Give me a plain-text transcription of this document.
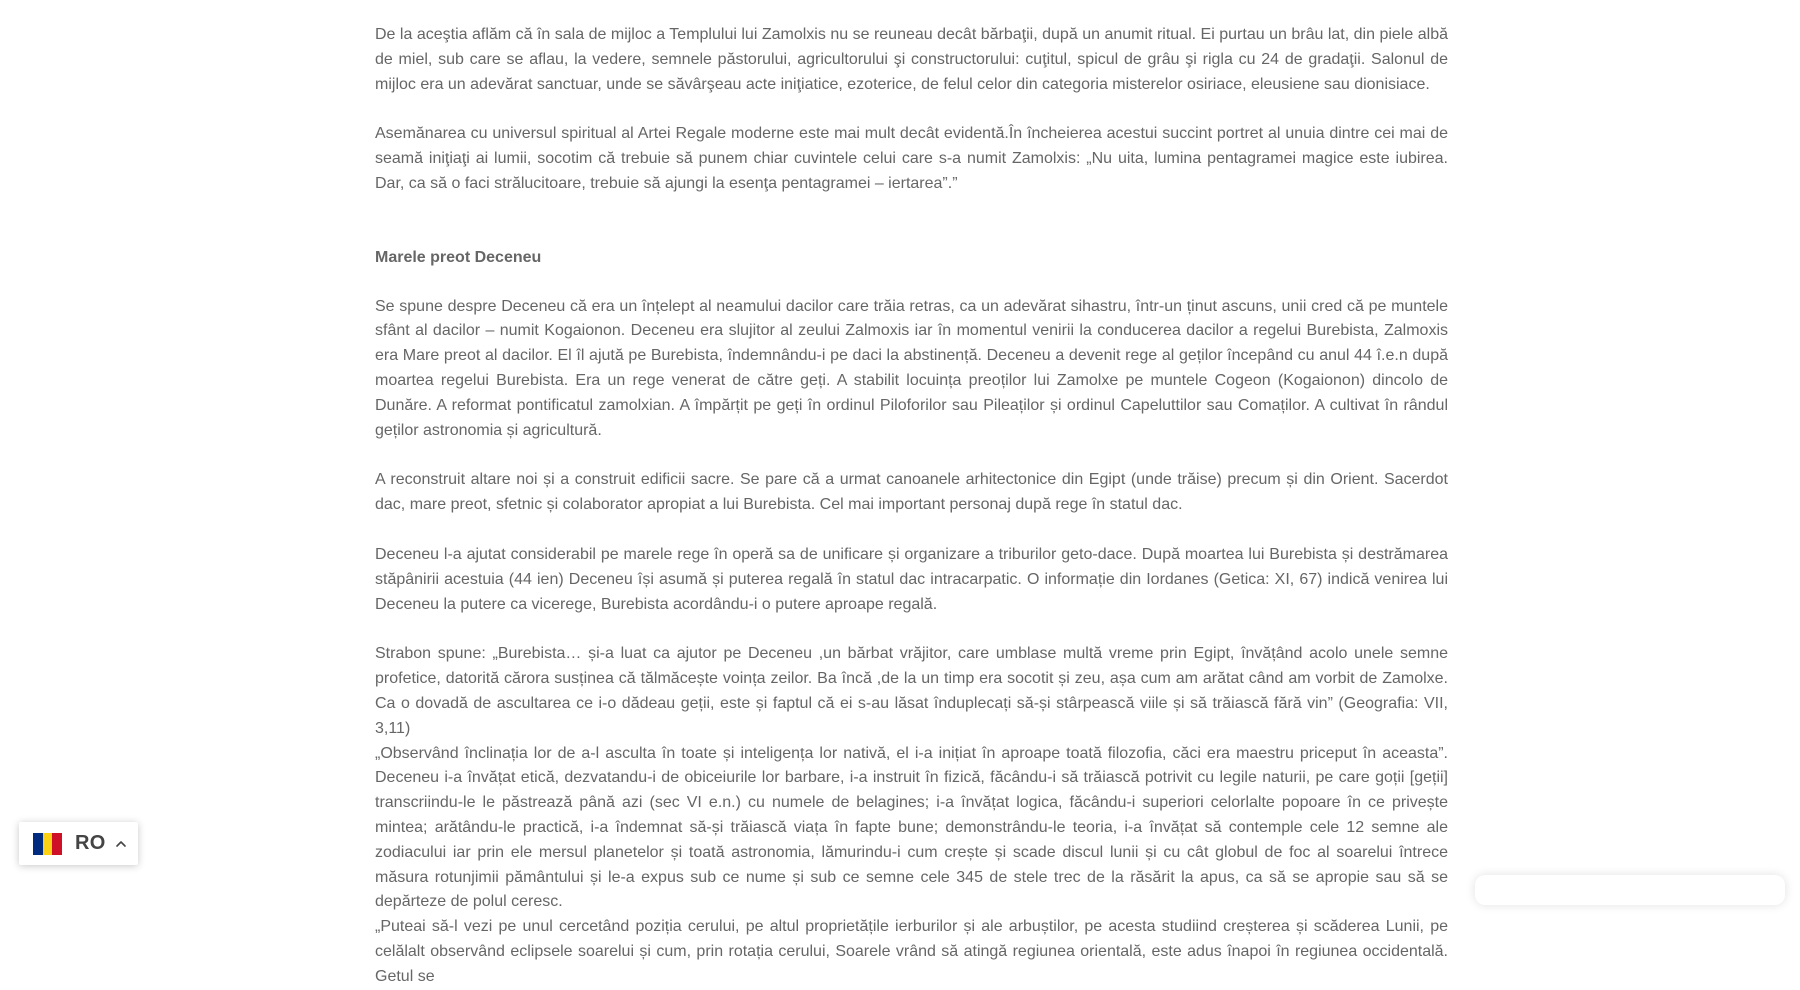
De la aceştia aflăm că în sala de mijloc a Templului lui Zamolxis nu se reuneau decât bărbaţii, după un anumit ritual. Ei purtau un brâu lat, din piele albă de miel, sub care se aflau, la vedere, semnele păstorului, agricultorului şi constructorului: cuţitul, spicul de grâu şi rigla cu 24 de gradaţii. Salonul de mijloc era un adevărat sanctuar, unde se săvârşeau acte iniţiatice, ezoterice, de felul celor din categoria misterelor osiriace, eleusiene sau dionisiace.

Asemănarea cu universul spiritual al Artei Regale moderne este mai mult decât evidentă.În încheierea acestui succint portret al unuia dintre cei mai de seamă iniţiaţi ai lumii, socotim că trebuie să punem chiar cuvintele celui care s-a numit Zamolxis: „Nu uita, lumina pentagramei magice este iubirea. Dar, ca să o faci strălucitoare, trebuie să ajungi la esenţa pentagramei – iertarea”.”

Marele preot Deceneu

Se spune despre Deceneu că era un înțelept al neamului dacilor care trăia retras, ca un adevărat sihastru, într-un ținut ascuns, unii cred că pe muntele sfânt al dacilor – numit Kogaionon. Deceneu era slujitor al zeului Zalmoxis iar în momentul venirii la conducerea dacilor a regelui Burebista, Zalmoxis era Mare preot al dacilor. El îl ajută pe Burebista, îndemnându-i pe daci la abstinență. Deceneu a devenit rege al geților începând cu anul 44 î.e.n după moartea regelui Burebista. Era un rege venerat de către geți. A stabilit locuința preoților lui Zamolxe pe muntele Cogeon (Kogaionon) dincolo de Dunăre. A reformat pontificatul zamolxian. A împărțit pe geți în ordinul Piloforilor sau Pileaților și ordinul Capeluttilor sau Comaților. A cultivat în rândul geților astronomia și agricultură.

A reconstruit altare noi și a construit edificii sacre. Se pare că a urmat canoanele arhitectonice din Egipt (unde trăise) precum și din Orient. Sacerdot dac, mare preot, sfetnic și colaborator apropiat a lui Burebista. Cel mai important personaj după rege în statul dac.

Deceneu l-a ajutat considerabil pe marele rege în operă sa de unificare și organizare a triburilor geto-dace. După moartea lui Burebista și destrămarea stăpânirii acestuia (44 ien) Deceneu își asumă și puterea regală în statul dac intracarpatic. O informație din Iordanes (Getica: XI, 67) indică venirea lui Deceneu la putere ca vicerege, Burebista acordându-i o putere aproape regală.

Strabon spune: „Burebista… și-a luat ca ajutor pe Deceneu ,un bărbat vrăjitor, care umblase multă vreme prin Egipt, învățând acolo unele semne profetice, datorită cărora susținea că tălmăcește voința zeilor. Ba încă ,de la un timp era socotit și zeu, așa cum am arătat când am vorbit de Zamolxe. Ca o dovadă de ascultarea ce i-o dădeau geții, este și faptul că ei s-au lăsat înduplecați să-și stârpească viile și să trăiască fără vin” (Geografia: VII, 3,11)

„Observând înclinația lor de a-l asculta în toate și inteligența lor nativă, el i-a inițiat în aproape toată filozofia, căci era maestru priceput în aceasta”. Deceneu i-a învățat etică, dezvatandu-i de obiceiurile lor barbare, i-a instruit în fizică, făcându-i să trăiască potrivit cu legile naturii, pe care goții [geții] transcriindu-le le păstrează până azi (sec VI e.n.) cu numele de belagines; i-a învățat logica, făcându-i superiori celorlalte popoare în ce privește mintea; arătându-le practică, i-a îndemnat să-și trăiască viața în fapte bune; demonstrându-le teoria, i-a învățat să contemple cele 12 semne ale zodiacului iar prin ele mersul planetelor și toată astronomia, lămurindu-i cum crește și scade discul lunii și cu cât globul de foc al soarelui întrece măsura rotunjimii pământului și le-a expus sub ce nume și sub ce semne cele 345 de stele trec de la răsărit la apus, ca să se apropie sau să se depărteze de polul ceresc.

„Puteai să-l vezi pe unul cercetând poziția cerului, pe altul proprietățile ierburilor și ale arbuștilor, pe acesta studiind creșterea și scăderea Lunii, pe celălalt observând eclipsele soarelui și cum, prin rotația cerului, Soarele vrând să atingă regiunea orientală, este adus înapoi în regiunea occidentală. Getul se

RO
